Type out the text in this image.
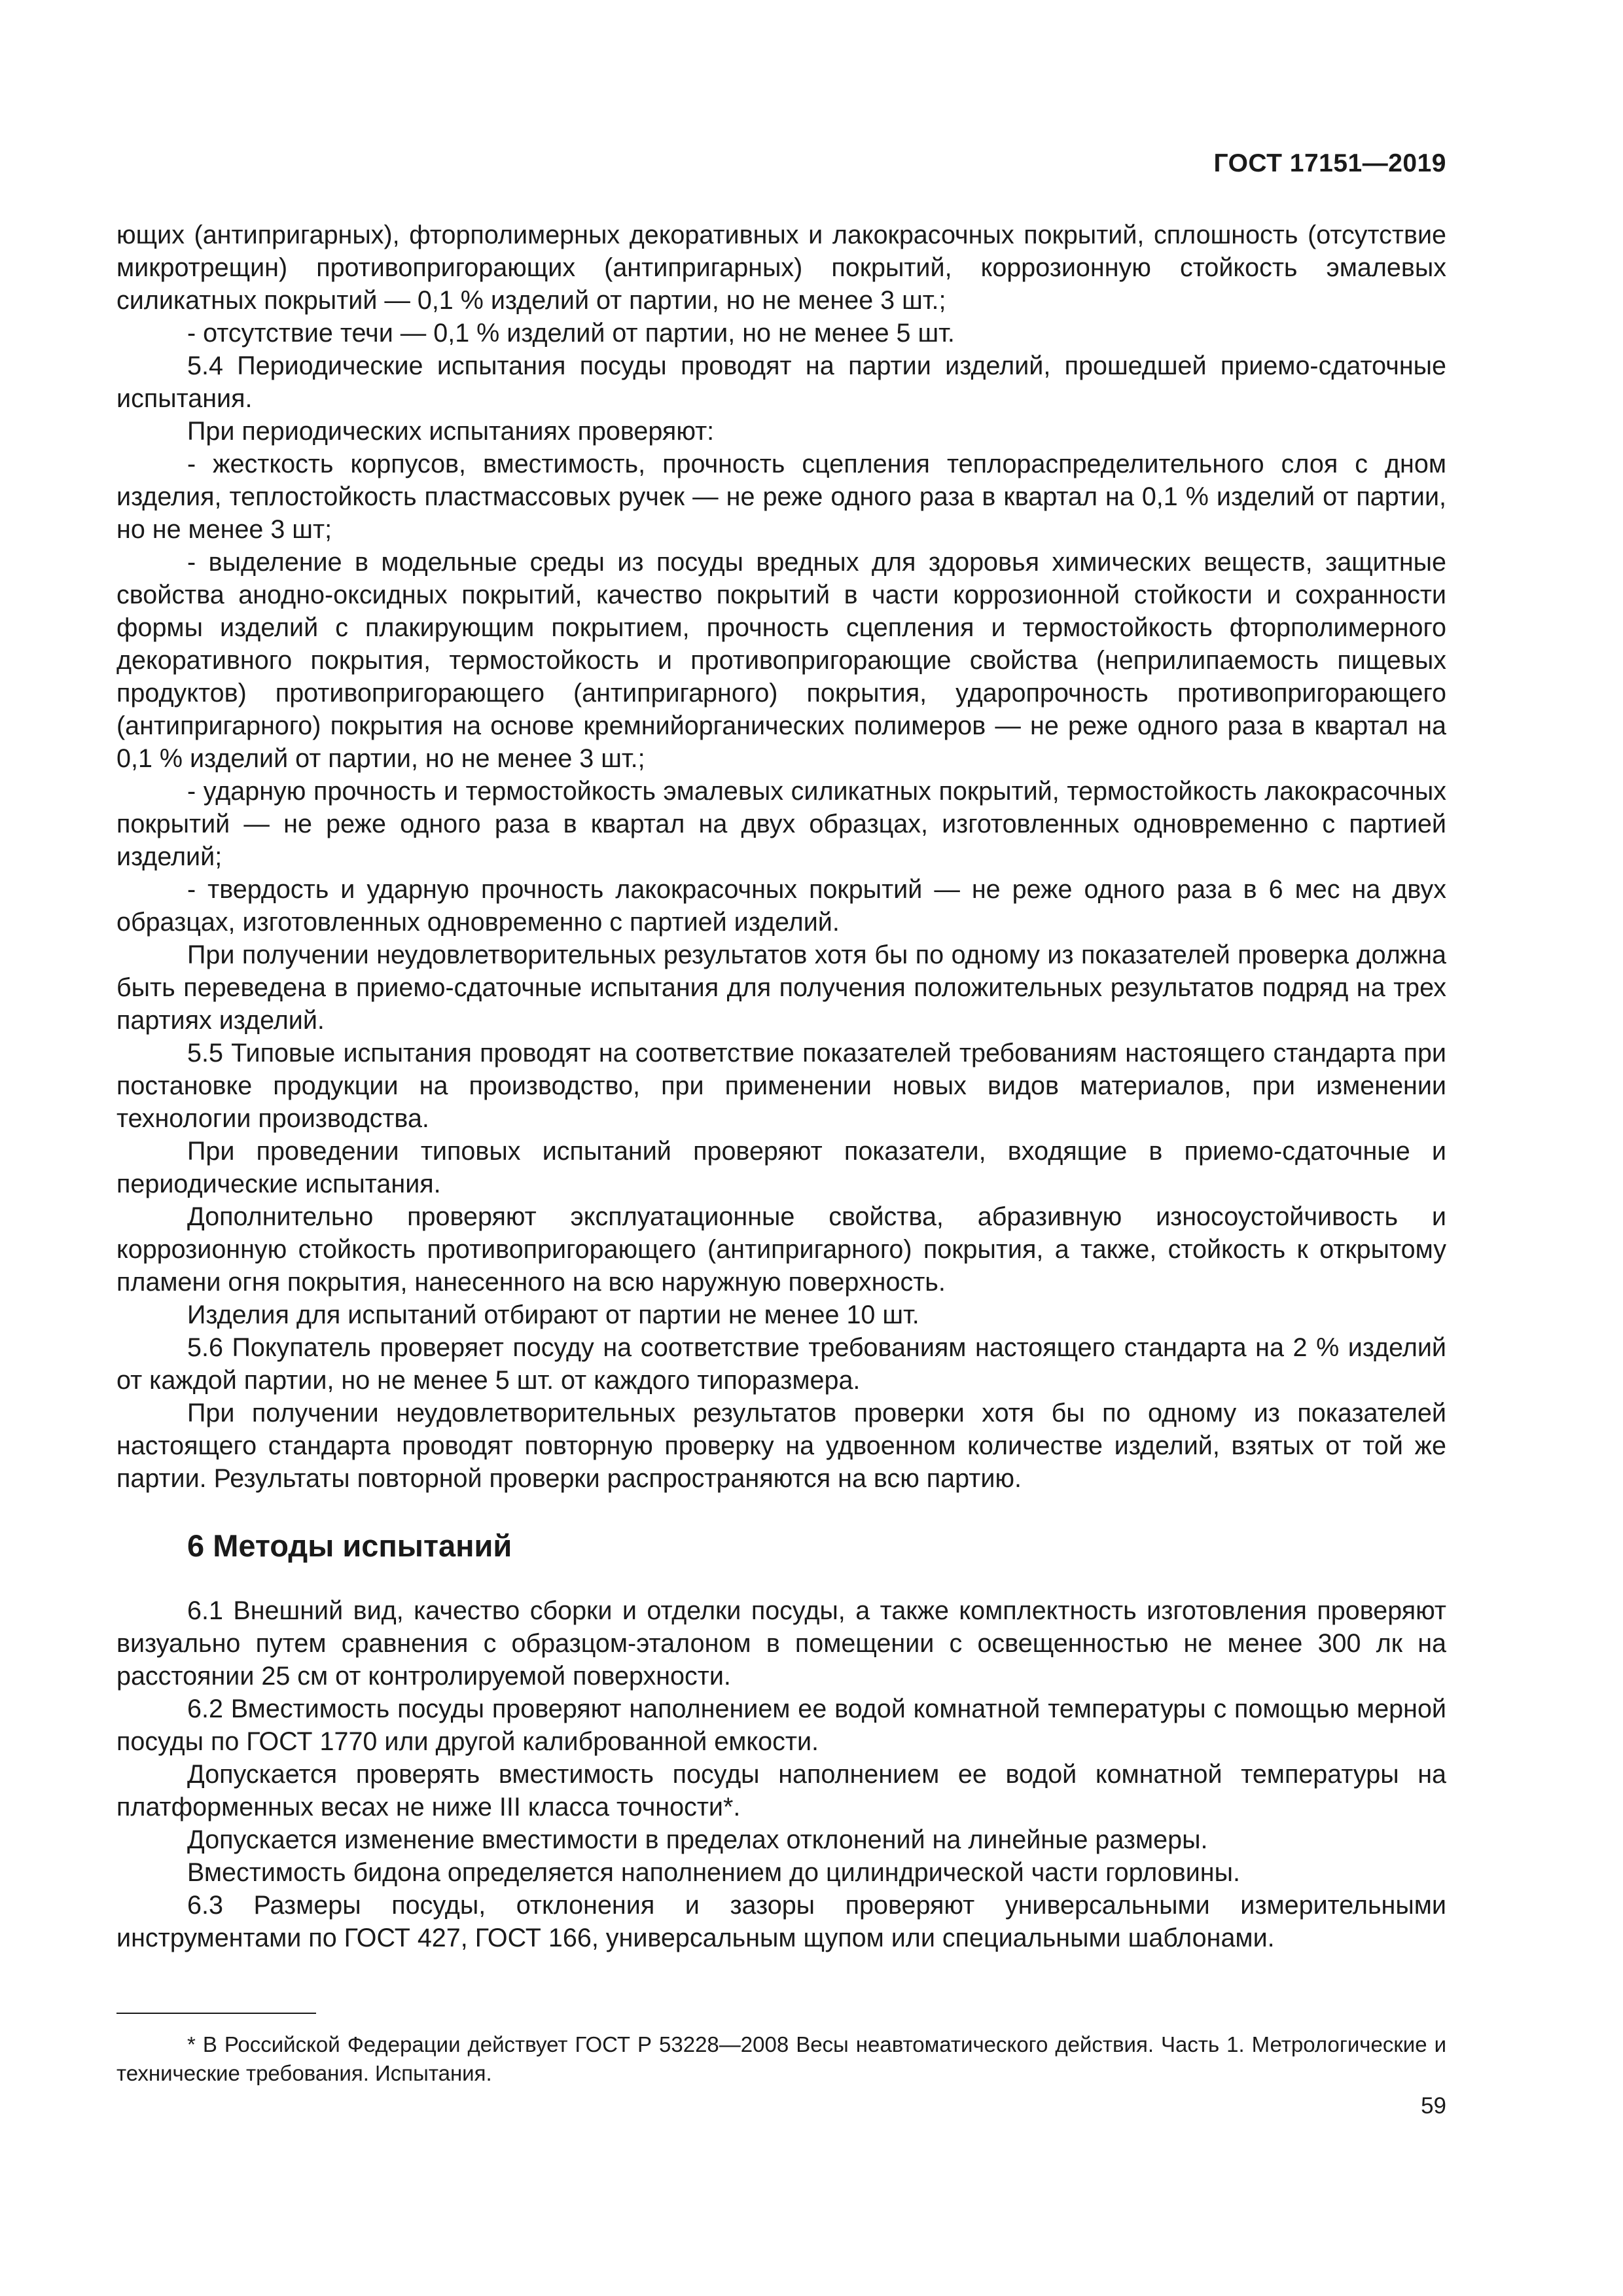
ГОСТ 17151—2019

ющих (антипригарных), фторполимерных декоративных и лакокрасочных покрытий, сплошность (отсутствие микротрещин) противопригорающих (антипригарных) покрытий, коррозионную стойкость эмалевых силикатных покрытий — 0,1 % изделий от партии, но не менее 3 шт.;

- отсутствие течи — 0,1 % изделий от партии, но не менее 5 шт.

5.4 Периодические испытания посуды проводят на партии изделий, прошедшей приемо-сдаточные испытания.

При периодических испытаниях проверяют:

- жесткость корпусов, вместимость, прочность сцепления теплораспределительного слоя с дном изделия, теплостойкость пластмассовых ручек — не реже одного раза в квартал на 0,1 % изделий от партии, но не менее 3 шт;

- выделение в модельные среды из посуды вредных для здоровья химических веществ, защитные свойства анодно-оксидных покрытий, качество покрытий в части коррозионной стойкости и сохранности формы изделий с плакирующим покрытием, прочность сцепления и термостойкость фторполимерного декоративного покрытия, термостойкость и противопригорающие свойства (неприлипаемость пищевых продуктов) противопригорающего (антипригарного) покрытия, ударопрочность противопригорающего (антипригарного) покрытия на основе кремнийорганических полимеров — не реже одного раза в квартал на 0,1 % изделий от партии, но не менее 3 шт.;

- ударную прочность и термостойкость эмалевых силикатных покрытий, термостойкость лакокрасочных покрытий — не реже одного раза в квартал на двух образцах, изготовленных одновременно с партией изделий;

- твердость и ударную прочность лакокрасочных покрытий — не реже одного раза в 6 мес на двух образцах, изготовленных одновременно с партией изделий.

При получении неудовлетворительных результатов хотя бы по одному из показателей проверка должна быть переведена в приемо-сдаточные испытания для получения положительных результатов подряд на трех партиях изделий.

5.5 Типовые испытания проводят на соответствие показателей требованиям настоящего стандарта при постановке продукции на производство, при применении новых видов материалов, при изменении технологии производства.

При проведении типовых испытаний проверяют показатели, входящие в приемо-сдаточные и периодические испытания.

Дополнительно проверяют эксплуатационные свойства, абразивную износоустойчивость и коррозионную стойкость противопригорающего (антипригарного) покрытия, а также, стойкость к открытому пламени огня покрытия, нанесенного на всю наружную поверхность.

Изделия для испытаний отбирают от партии не менее 10 шт.

5.6 Покупатель проверяет посуду на соответствие требованиям настоящего стандарта на 2 % изделий от каждой партии, но не менее 5 шт. от каждого типоразмера.

При получении неудовлетворительных результатов проверки хотя бы по одному из показателей настоящего стандарта проводят повторную проверку на удвоенном количестве изделий, взятых от той же партии. Результаты повторной проверки распространяются на всю партию.

6 Методы испытаний

6.1 Внешний вид, качество сборки и отделки посуды, а также комплектность изготовления проверяют визуально путем сравнения с образцом-эталоном в помещении с освещенностью не менее 300 лк на расстоянии 25 см от контролируемой поверхности.

6.2 Вместимость посуды проверяют наполнением ее водой комнатной температуры с помощью мерной посуды по ГОСТ 1770 или другой калиброванной емкости.

Допускается проверять вместимость посуды наполнением ее водой комнатной температуры на платформенных весах не ниже III класса точности*.

Допускается изменение вместимости в пределах отклонений на линейные размеры.

Вместимость бидона определяется наполнением до цилиндрической части горловины.

6.3 Размеры посуды, отклонения и зазоры проверяют универсальными измерительными инструментами по ГОСТ 427, ГОСТ 166, универсальным щупом или специальными шаблонами.

* В Российской Федерации действует ГОСТ Р 53228—2008 Весы неавтоматического действия. Часть 1. Метрологические и технические требования. Испытания.

59
